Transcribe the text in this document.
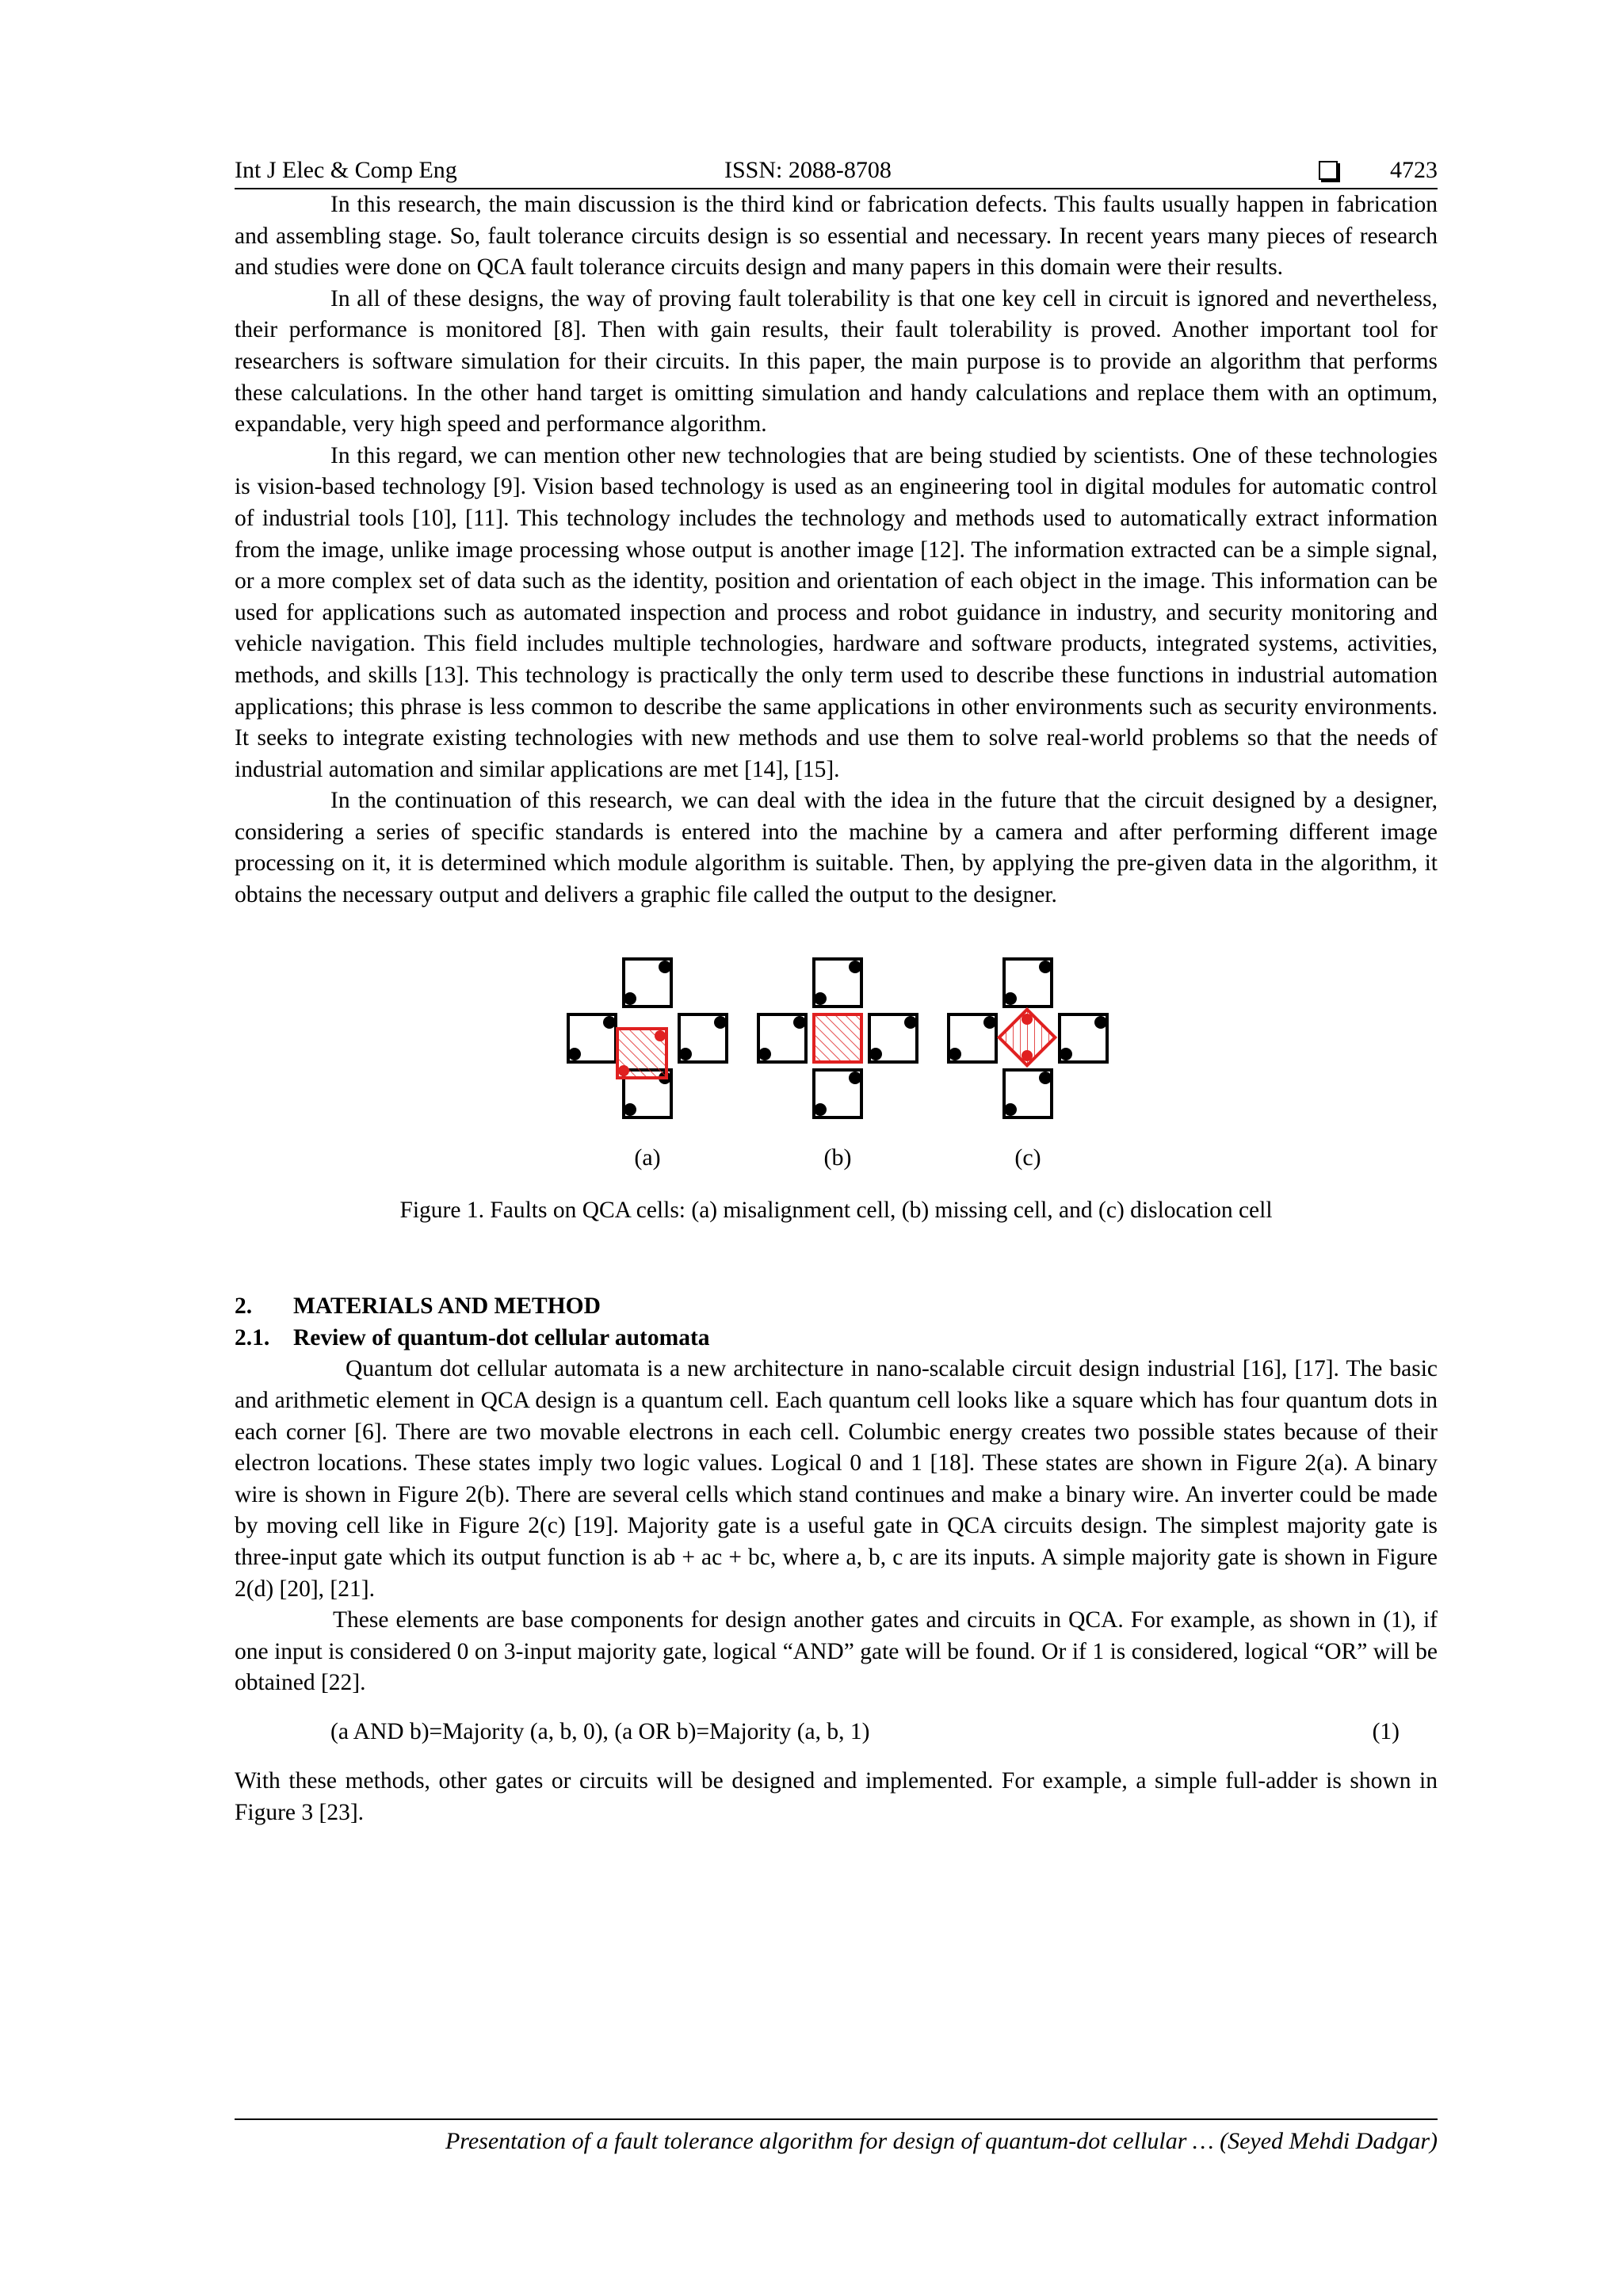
Int J Elec & Comp Eng	ISSN: 2088-8708	4723

In this research, the main discussion is the third kind or fabrication defects. This faults usually happen in fabrication and assembling stage. So, fault tolerance circuits design is so essential and necessary. In recent years many pieces of research and studies were done on QCA fault tolerance circuits design and many papers in this domain were their results.

In all of these designs, the way of proving fault tolerability is that one key cell in circuit is ignored and nevertheless, their performance is monitored [8]. Then with gain results, their fault tolerability is proved. Another important tool for researchers is software simulation for their circuits. In this paper, the main purpose is to provide an algorithm that performs these calculations. In the other hand target is omitting simulation and handy calculations and replace them with an optimum, expandable, very high speed and performance algorithm.

In this regard, we can mention other new technologies that are being studied by scientists. One of these technologies is vision-based technology [9]. Vision based technology is used as an engineering tool in digital modules for automatic control of industrial tools [10], [11]. This technology includes the technology and methods used to automatically extract information from the image, unlike image processing whose output is another image [12]. The information extracted can be a simple signal, or a more complex set of data such as the identity, position and orientation of each object in the image. This information can be used for applications such as automated inspection and process and robot guidance in industry, and security monitoring and vehicle navigation. This field includes multiple technologies, hardware and software products, integrated systems, activities, methods, and skills [13]. This technology is practically the only term used to describe these functions in industrial automation applications; this phrase is less common to describe the same applications in other environments such as security environments. It seeks to integrate existing technologies with new methods and use them to solve real-world problems so that the needs of industrial automation and similar applications are met [14], [15].

In the continuation of this research, we can deal with the idea in the future that the circuit designed by a designer, considering a series of specific standards is entered into the machine by a camera and after performing different image processing on it, it is determined which module algorithm is suitable. Then, by applying the pre-given data in the algorithm, it obtains the necessary output and delivers a graphic file called the output to the designer.

(a)	(b)	(c)
Figure 1. Faults on QCA cells: (a) misalignment cell, (b) missing cell, and (c) dislocation cell
2. MATERIALS AND METHOD
2.1. Review of quantum-dot cellular automata

Quantum dot cellular automata is a new architecture in nano-scalable circuit design industrial [16], [17]. The basic and arithmetic element in QCA design is a quantum cell. Each quantum cell looks like a square which has four quantum dots in each corner [6]. There are two movable electrons in each cell. Columbic energy creates two possible states because of their electron locations. These states imply two logic values. Logical 0 and 1 [18]. These states are shown in Figure 2(a). A binary wire is shown in Figure 2(b). There are several cells which stand continues and make a binary wire. An inverter could be made by moving cell like in Figure 2(c) [19]. Majority gate is a useful gate in QCA circuits design. The simplest majority gate is three-input gate which its output function is ab + ac + bc, where a, b, c are its inputs. A simple majority gate is shown in Figure 2(d) [20], [21].

These elements are base components for design another gates and circuits in QCA. For example, as shown in (1), if one input is considered 0 on 3-input majority gate, logical “AND” gate will be found. Or if 1 is considered, logical “OR” will be obtained [22].

(a AND b)=Majority (a, b, 0), (a OR b)=Majority (a, b, 1)	(1)

With these methods, other gates or circuits will be designed and implemented. For example, a simple full-adder is shown in Figure 3 [23].

Presentation of a fault tolerance algorithm for design of quantum-dot cellular … (Seyed Mehdi Dadgar)
